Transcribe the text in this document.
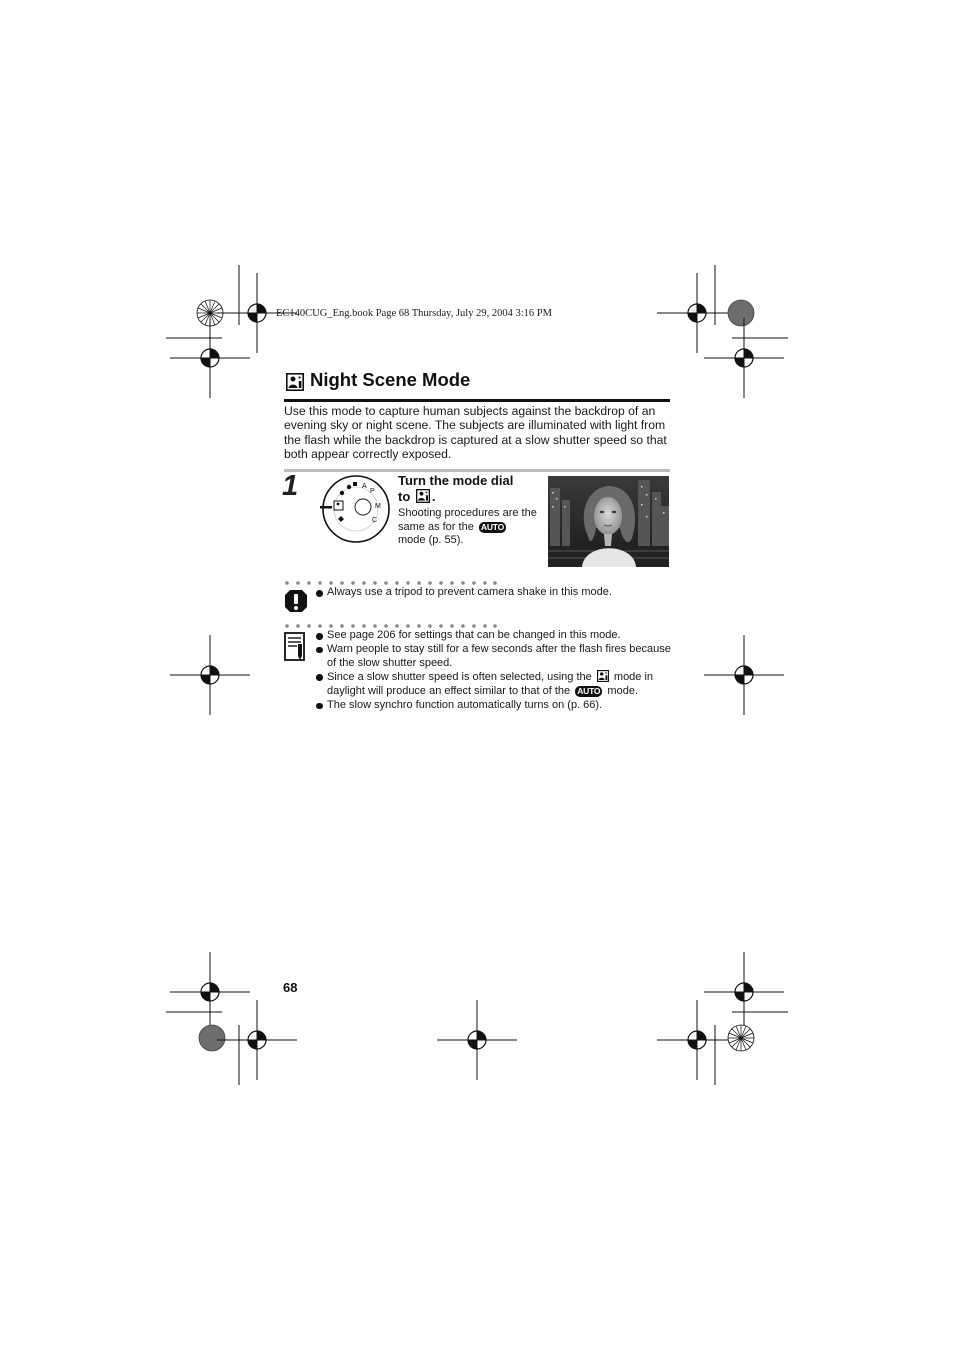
EC140CUG_Eng.book Page 68 Thursday, July 29, 2004 3:16 PM
Night Scene Mode
Use this mode to capture human subjects against the backdrop of an evening sky or night scene. The subjects are illuminated with light from the flash while the backdrop is captured at a slow shutter speed so that both appear correctly exposed.
1	A
P
M
C
Turn the mode dial
to .
Shooting procedures are the same as for the AUTO mode (p. 55).
Always use a tripod to prevent camera shake in this mode.
See page 206 for settings that can be changed in this mode.
Warn people to stay still for a few seconds after the flash fires because of the slow shutter speed.
Since a slow shutter speed is often selected, using the mode in daylight will produce an effect similar to that of the AUTO mode.
The slow synchro function automatically turns on (p. 66).
68
